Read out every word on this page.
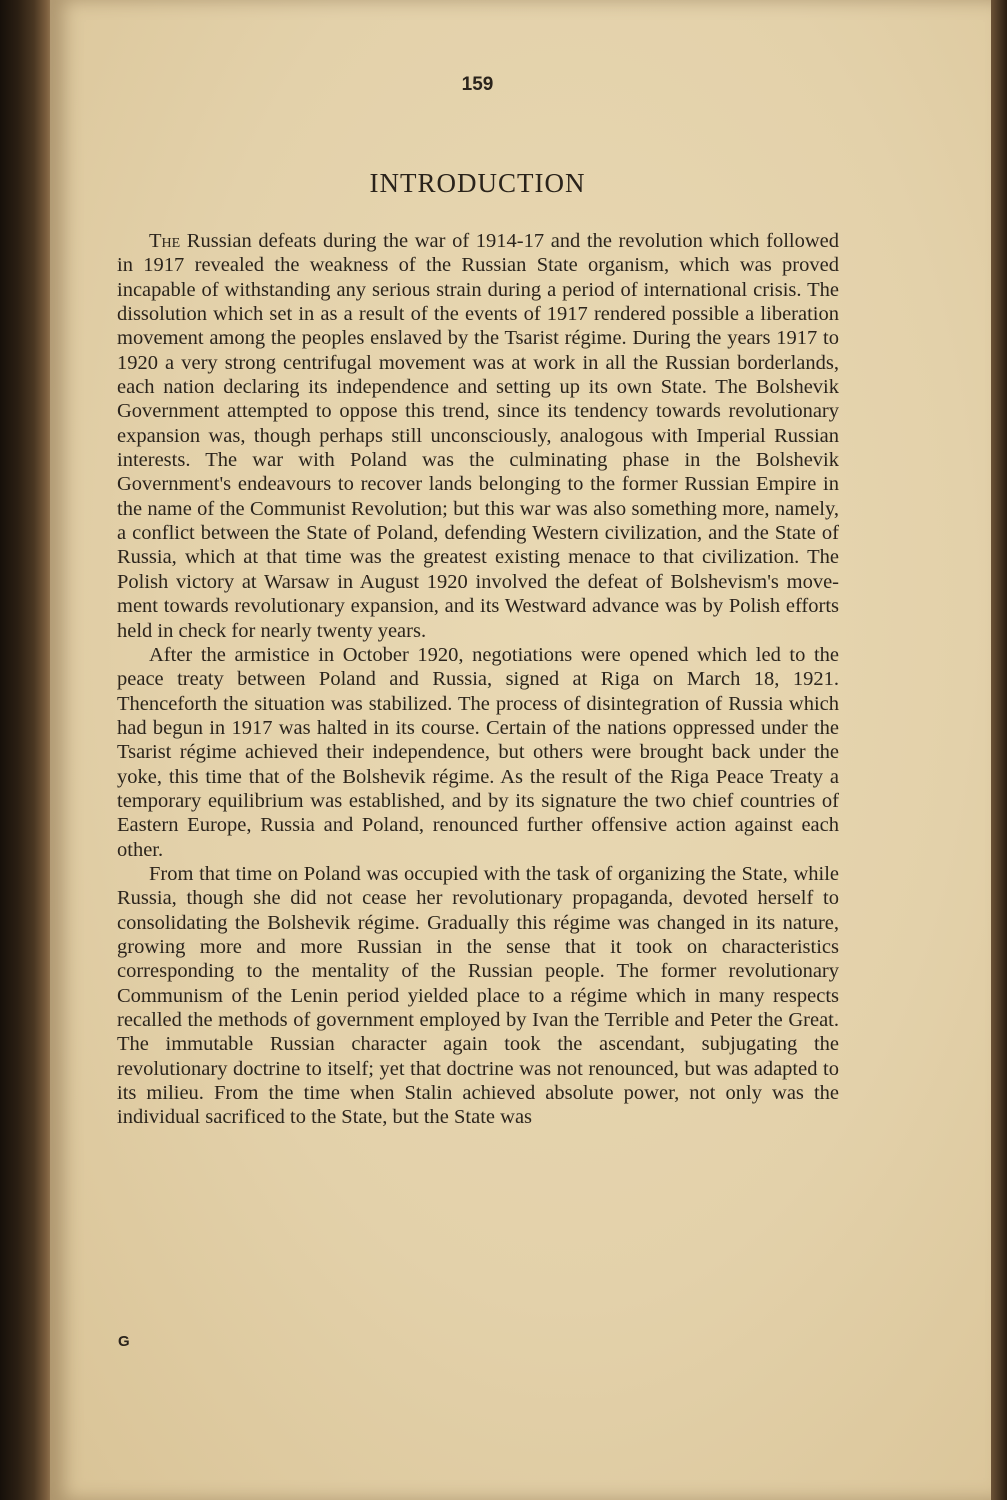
159
INTRODUCTION

The Russian defeats during the war of 1914-17 and the revolution which followed in 1917 revealed the weakness of the Russian State organism, which was proved incapable of withstanding any serious strain during a period of international crisis. The dissolution which set in as a result of the events of 1917 rendered possible a liberation movement among the peoples enslaved by the Tsarist régime. During the years 1917 to 1920 a very strong centrifugal movement was at work in all the Russian borderlands, each nation declaring its independence and setting up its own State. The Bolshevik Government attempted to oppose this trend, since its tendency towards revolutionary expansion was, though perhaps still unconsciously, analogous with Imperial Russian interests. The war with Poland was the culminating phase in the Bolshevik Government's endeavours to recover lands belonging to the former Russian Empire in the name of the Communist Revolution; but this war was also something more, namely, a conflict between the State of Poland, defending Western civilization, and the State of Russia, which at that time was the greatest existing menace to that civilization. The Polish victory at Warsaw in August 1920 involved the defeat of Bolshevism's movement towards revolutionary expansion, and its Westward advance was by Polish efforts held in check for nearly twenty years.

After the armistice in October 1920, negotiations were opened which led to the peace treaty between Poland and Russia, signed at Riga on March 18, 1921. Thenceforth the situation was stabilized. The process of disintegration of Russia which had begun in 1917 was halted in its course. Certain of the nations oppressed under the Tsarist régime achieved their independence, but others were brought back under the yoke, this time that of the Bolshevik régime. As the result of the Riga Peace Treaty a temporary equilibrium was established, and by its signature the two chief countries of Eastern Europe, Russia and Poland, renounced further offensive action against each other.

From that time on Poland was occupied with the task of organizing the State, while Russia, though she did not cease her revolutionary propaganda, devoted herself to consolidating the Bolshevik régime. Gradually this régime was changed in its nature, growing more and more Russian in the sense that it took on characteristics corresponding to the mentality of the Russian people. The former revolutionary Communism of the Lenin period yielded place to a régime which in many respects recalled the methods of government employed by Ivan the Terrible and Peter the Great. The immutable Russian character again took the ascendant, subjugating the revolutionary doctrine to itself; yet that doctrine was not renounced, but was adapted to its milieu. From the time when Stalin achieved absolute power, not only was the individual sacrificed to the State, but the State was

G
